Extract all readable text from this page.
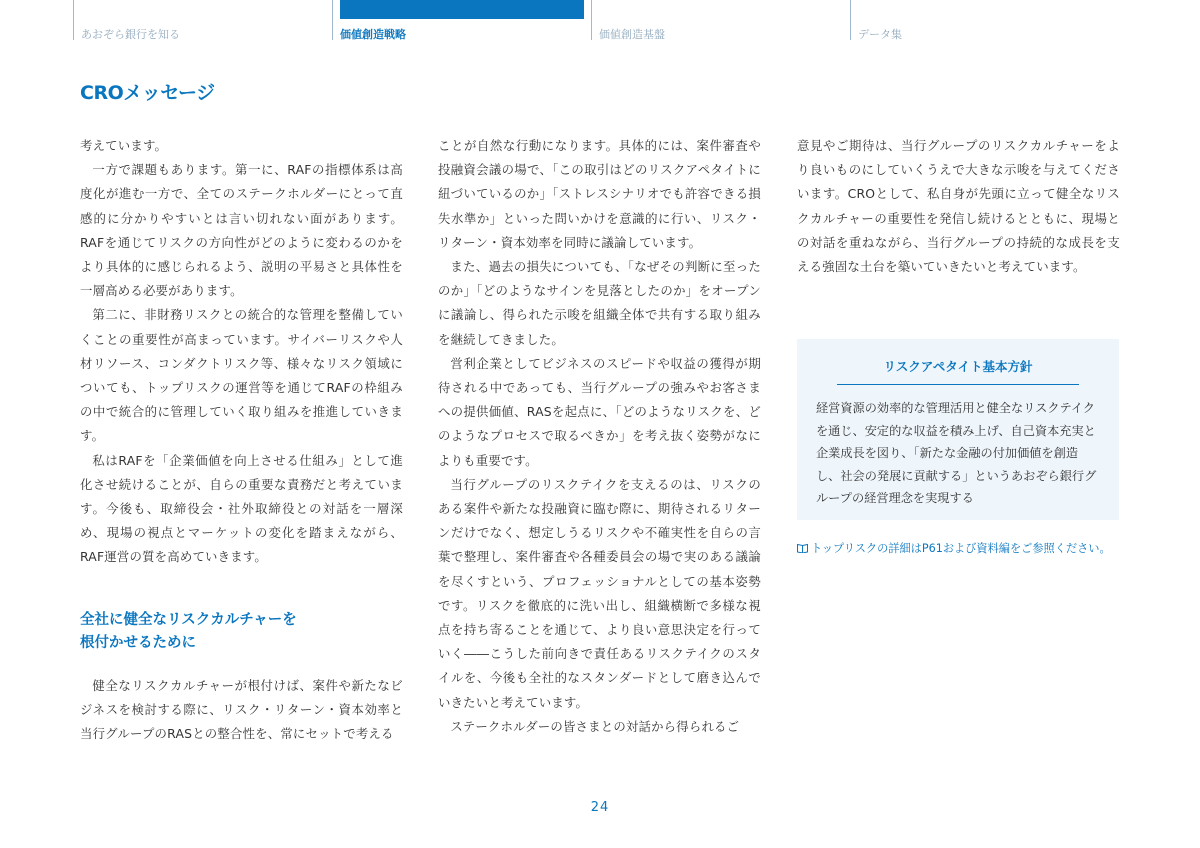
あおぞら銀行を知る	価値創造戦略	価値創造基盤	データ集
CROメッセージ

考えています。

一方で課題もあります。第一に、RAFの指標体系は高度化が進む一方で、全てのステークホルダーにとって直感的に分かりやすいとは言い切れない面があります。RAFを通じてリスクの方向性がどのように変わるのかをより具体的に感じられるよう、説明の平易さと具体性を一層高める必要があります。

第二に、非財務リスクとの統合的な管理を整備していくことの重要性が高まっています。サイバーリスクや人材リソース、コンダクトリスク等、様々なリスク領域についても、トップリスクの運営等を通じてRAFの枠組みの中で統合的に管理していく取り組みを推進していきます。

私はRAFを「企業価値を向上させる仕組み」として進化させ続けることが、自らの重要な責務だと考えています。今後も、取締役会・社外取締役との対話を一層深め、現場の視点とマーケットの変化を踏まえながら、RAF運営の質を高めていきます。

全社に健全なリスクカルチャーを
根付かせるために

健全なリスクカルチャーが根付けば、案件や新たなビジネスを検討する際に、リスク・リターン・資本効率と当行グループのRASとの整合性を、常にセットで考える

ことが自然な行動になります。具体的には、案件審査や投融資会議の場で、「この取引はどのリスクアペタイトに紐づいているのか」「ストレスシナリオでも許容できる損失水準か」といった問いかけを意識的に行い、リスク・リターン・資本効率を同時に議論しています。

また、過去の損失についても、「なぜその判断に至ったのか」「どのようなサインを見落としたのか」をオープンに議論し、得られた示唆を組織全体で共有する取り組みを継続してきました。

営利企業としてビジネスのスピードや収益の獲得が期待される中であっても、当行グループの強みやお客さまへの提供価値、RASを起点に、「どのようなリスクを、どのようなプロセスで取るべきか」を考え抜く姿勢がなによりも重要です。

当行グループのリスクテイクを支えるのは、リスクのある案件や新たな投融資に臨む際に、期待されるリターンだけでなく、想定しうるリスクや不確実性を自らの言葉で整理し、案件審査や各種委員会の場で実のある議論を尽くすという、プロフェッショナルとしての基本姿勢です。リスクを徹底的に洗い出し、組織横断で多様な視点を持ち寄ることを通じて、より良い意思決定を行っていく――こうした前向きで責任あるリスクテイクのスタイルを、今後も全社的なスタンダードとして磨き込んでいきたいと考えています。

ステークホルダーの皆さまとの対話から得られるご

意見やご期待は、当行グループのリスクカルチャーをより良いものにしていくうえで大きな示唆を与えてくださいます。CROとして、私自身が先頭に立って健全なリスクカルチャーの重要性を発信し続けるとともに、現場との対話を重ねながら、当行グループの持続的な成長を支える強固な土台を築いていきたいと考えています。

リスクアペタイト基本方針

経営資源の効率的な管理活用と健全なリスクテイクを通じ、安定的な収益を積み上げ、自己資本充実と企業成長を図り、「新たな金融の付加価値を創造し、社会の発展に貢献する」というあおぞら銀行グループの経営理念を実現する

トップリスクの詳細はP61および資料編をご参照ください。
24
